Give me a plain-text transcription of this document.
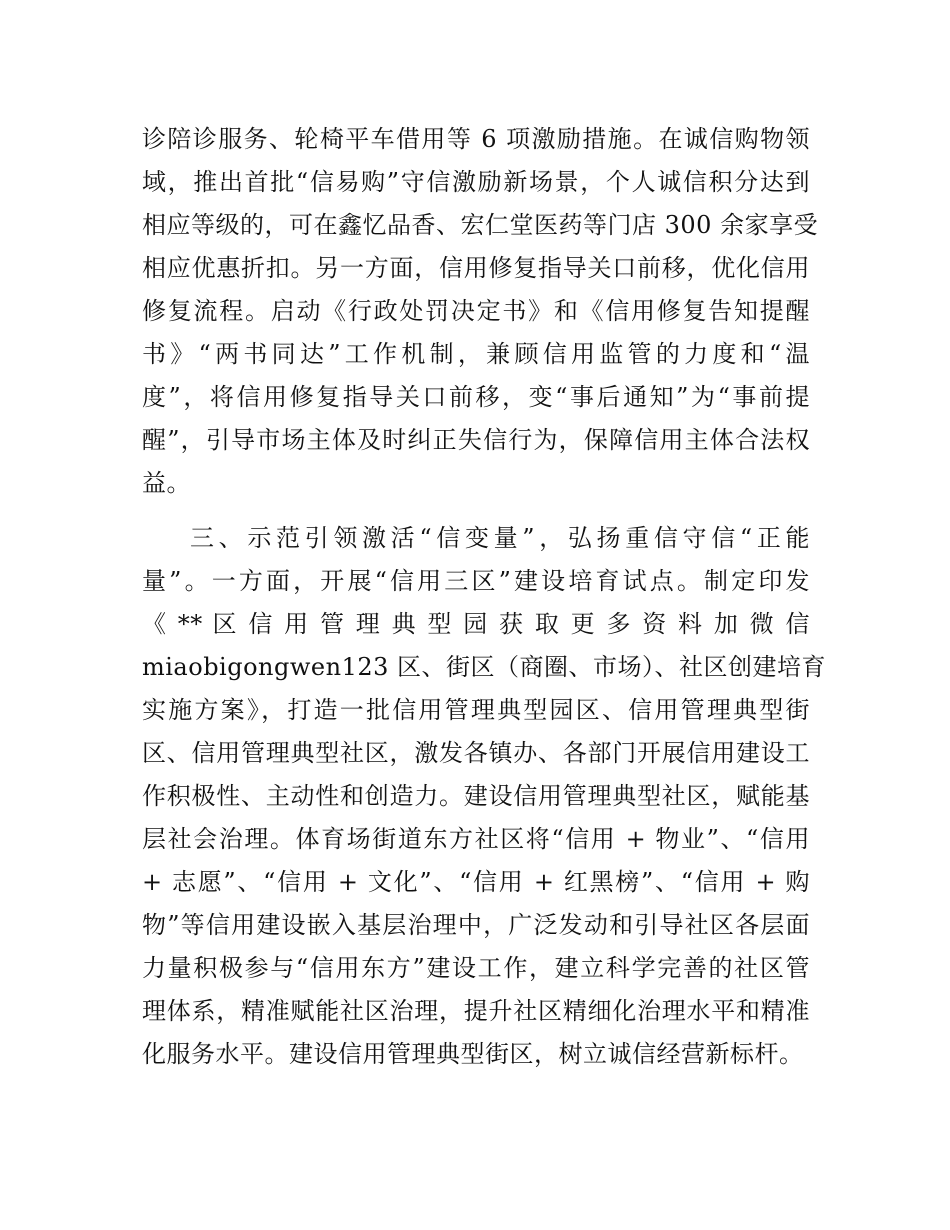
诊陪诊服务、轮椅平车借用等 6 项激励措施。在诚信购物领
域，推出首批“信易购”守信激励新场景，个人诚信积分达到
相应等级的，可在鑫忆品香、宏仁堂医药等门店 300 余家享受
相应优惠折扣。另一方面，信用修复指导关口前移，优化信用
修复流程。启动《行政处罚决定书》和《信用修复告知提醒
书》“两书同达”工作机制，兼顾信用监管的力度和“温
度”，将信用修复指导关口前移，变“事后通知”为“事前提
醒”，引导市场主体及时纠正失信行为，保障信用主体合法权
益。
三、示范引领激活“信变量”，弘扬重信守信“正能
量”。一方面，开展“信用三区”建设培育试点。制定印发
《 ** 区 信 用 管 理 典 型 园 获 取 更 多 资 料 加 微 信
miaobigongwen123 区、街区（商圈、市场）、社区创建培育
实施方案》，打造一批信用管理典型园区、信用管理典型街
区、信用管理典型社区，激发各镇办、各部门开展信用建设工
作积极性、主动性和创造力。建设信用管理典型社区，赋能基
层社会治理。体育场街道东方社区将“信用 + 物业”、“信用
+ 志愿”、“信用 + 文化”、“信用 + 红黑榜”、“信用 + 购
物”等信用建设嵌入基层治理中，广泛发动和引导社区各层面
力量积极参与“信用东方”建设工作，建立科学完善的社区管
理体系，精准赋能社区治理，提升社区精细化治理水平和精准
化服务水平。建设信用管理典型街区，树立诚信经营新标杆。
